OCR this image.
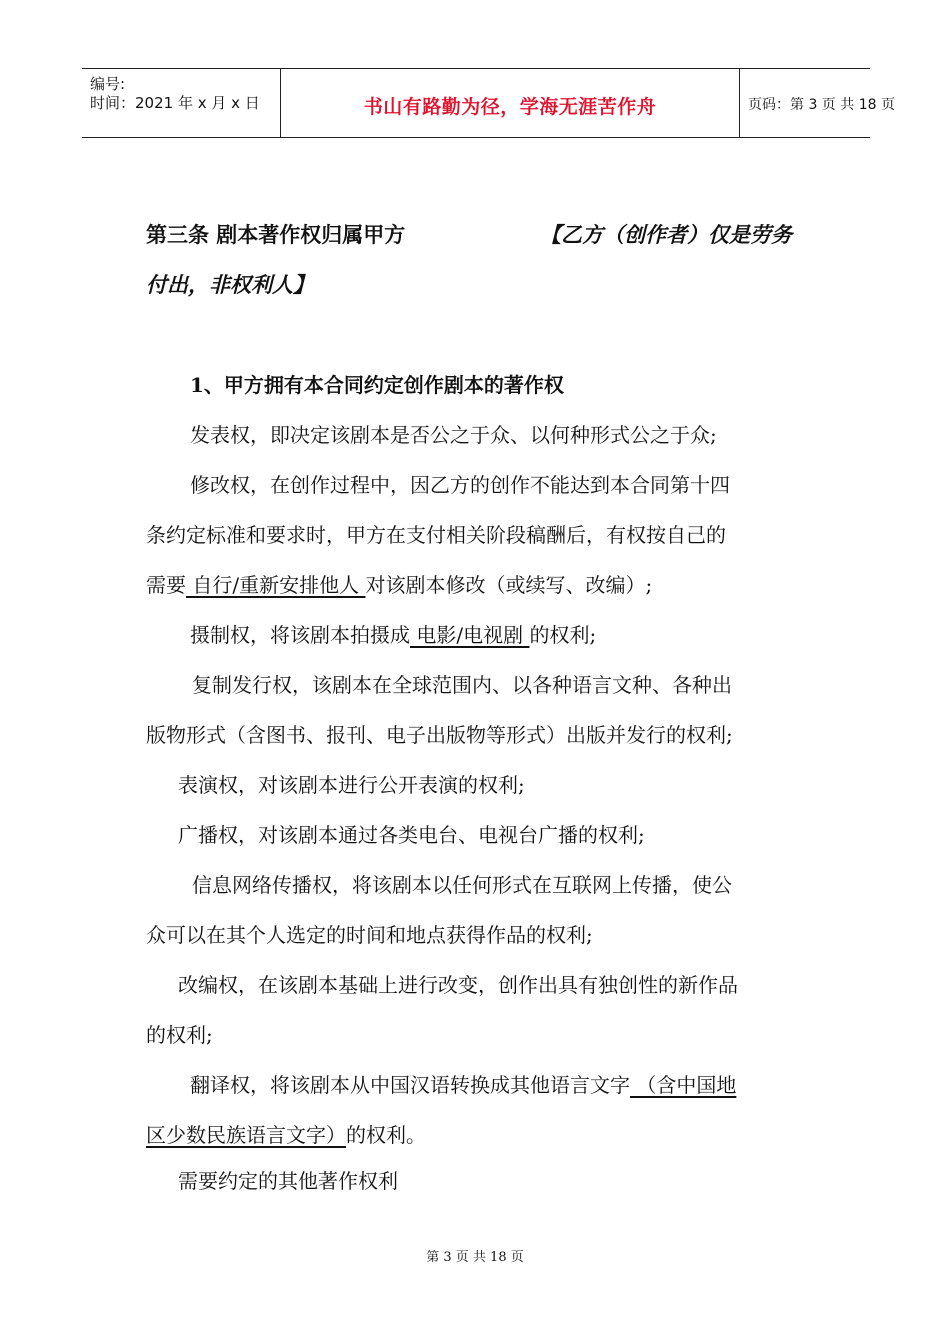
编号:
时间：2021 年 x 月 x 日	书山有路勤为径，学海无涯苦作舟	页码：第 3 页 共 18 页
第三条 剧本著作权归属甲方	【乙方（创作者）仅是劳务
付出，非权利人】
1、甲方拥有本合同约定创作剧本的著作权
发表权，即决定该剧本是否公之于众、以何种形式公之于众;
修改权，在创作过程中，因乙方的创作不能达到本合同第十四
条约定标准和要求时，甲方在支付相关阶段稿酬后，有权按自己的
需要 自行/重新安排他人 对该剧本修改（或续写、改编）;
摄制权，将该剧本拍摄成 电影/电视剧 的权利;
复制发行权，该剧本在全球范围内、以各种语言文种、各种出
版物形式（含图书、报刊、电子出版物等形式）出版并发行的权利;
表演权，对该剧本进行公开表演的权利;
广播权，对该剧本通过各类电台、电视台广播的权利;
信息网络传播权，将该剧本以任何形式在互联网上传播，使公
众可以在其个人选定的时间和地点获得作品的权利;
改编权，在该剧本基础上进行改变，创作出具有独创性的新作品
的权利;
翻译权，将该剧本从中国汉语转换成其他语言文字 （含中国地
区少数民族语言文字）的权利。
需要约定的其他著作权利
第 3 页 共 18 页
